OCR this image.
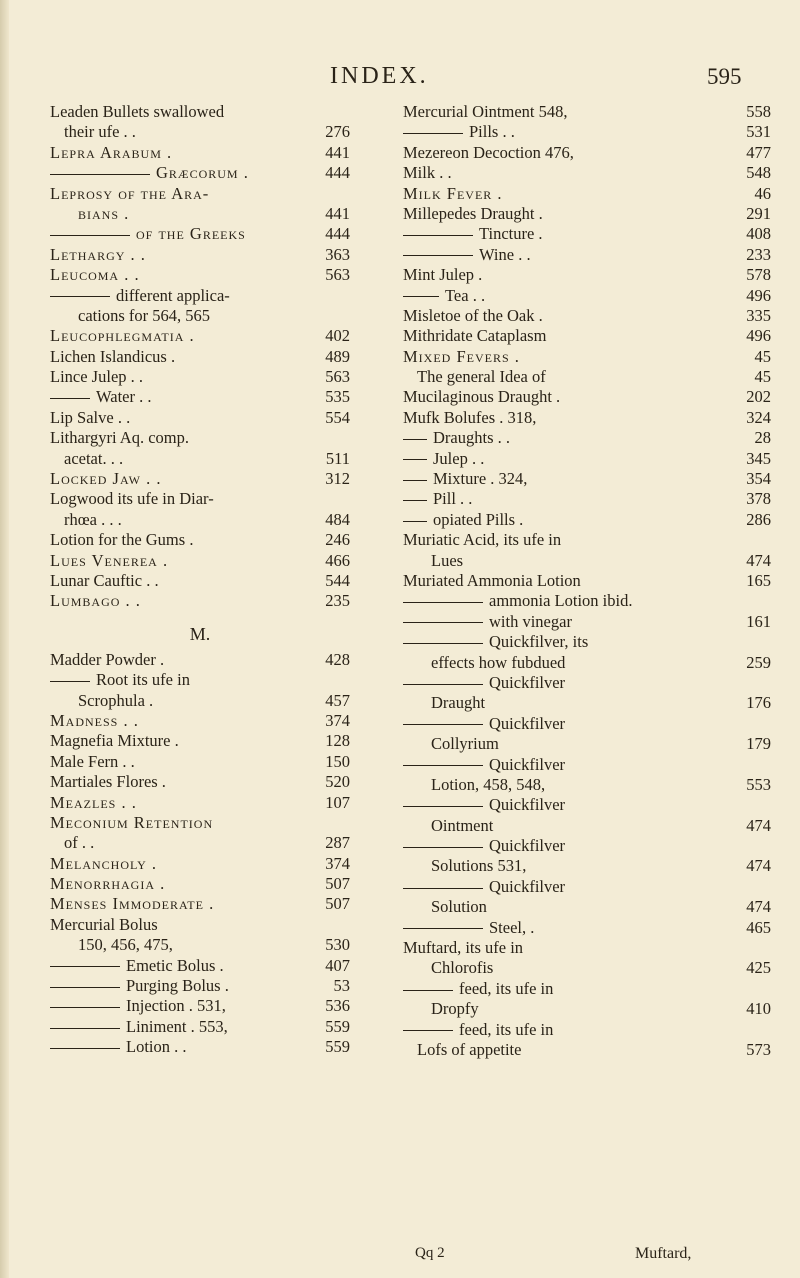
INDEX.	595
Leaden Bullets swallowed
their ufe . .	276
Lepra Arabum .	441
Græcorum .	444
Leprosy of the Ara-
bians .	441
of the Greeks	444
Lethargy . .	363
Leucoma . .	563
different applica-
cations for 564, 565
Leucophlegmatia .	402
Lichen Islandicus .	489
Lince Julep . .	563
Water . .	535
Lip Salve . .	554
Lithargyri Aq. comp.
acetat. . .	511
Locked Jaw . .	312
Logwood its ufe in Diar-
rhœa . . .	484
Lotion for the Gums .	246
Lues Venerea .	466
Lunar Cauftic . .	544
Lumbago . .	235
M.
Madder Powder .	428
Root its ufe in
Scrophula .	457
Madness . .	374
Magnefia Mixture .	128
Male Fern . .	150
Martiales Flores .	520
Meazles . .	107
Meconium Retention
of . .	287
Melancholy .	374
Menorrhagia .	507
Menses Immoderate .	507
Mercurial Bolus
150, 456, 475,	530
Emetic Bolus .	407
Purging Bolus .	53
Injection . 531,	536
Liniment . 553,	559
Lotion . .	559
Mercurial Ointment 548,	558
Pills . .	531
Mezereon Decoction 476,	477
Milk . .	548
Milk Fever .	46
Millepedes Draught .	291
Tincture .	408
Wine . .	233
Mint Julep .	578
Tea . .	496
Misletoe of the Oak .	335
Mithridate Cataplasm	496
Mixed Fevers .	45
The general Idea of	45
Mucilaginous Draught .	202
Mufk Bolufes . 318,	324
Draughts . .	28
Julep . .	345
Mixture . 324,	354
Pill . .	378
opiated Pills .	286
Muriatic Acid, its ufe in
Lues	474
Muriated Ammonia Lotion	165
ammonia Lotion ibid.
with vinegar	161
Quickfilver, its
effects how fubdued	259
Quickfilver
Draught	176
Quickfilver
Collyrium	179
Quickfilver
Lotion, 458, 548,	553
Quickfilver
Ointment	474
Quickfilver
Solutions 531,	474
Quickfilver
Solution	474
Steel, .	465
Muftard, its ufe in
Chlorofis	425
feed, its ufe in
Dropfy	410
feed, its ufe in
Lofs of appetite	573
Qq 2	Muftard,
